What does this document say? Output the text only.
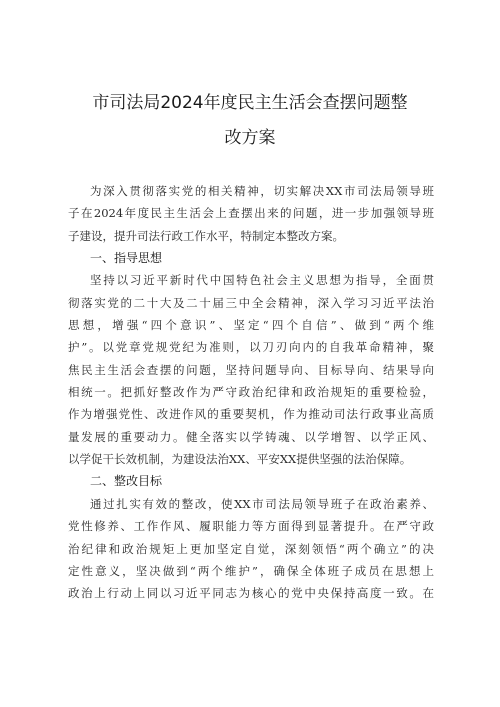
市司法局2024年度民主生活会查摆问题整
改方案
为深入贯彻落实党的相关精神，切实解决XX市司法局领导班
子在2024年度民主生活会上查摆出来的问题，进一步加强领导班
子建设，提升司法行政工作水平，特制定本整改方案。
一、指导思想
坚持以习近平新时代中国特色社会主义思想为指导，全面贯
彻落实党的二十大及二十届三中全会精神，深入学习习近平法治
思想，增强“四个意识”、坚定“四个自信”、做到“两个维
护”。以党章党规党纪为准则，以刀刃向内的自我革命精神，聚
焦民主生活会查摆的问题，坚持问题导向、目标导向、结果导向
相统一。把抓好整改作为严守政治纪律和政治规矩的重要检验，
作为增强党性、改进作风的重要契机，作为推动司法行政事业高质
量发展的重要动力。健全落实以学铸魂、以学增智、以学正风、
以学促干长效机制，为建设法治XX、平安XX提供坚强的法治保障。
二、整改目标
通过扎实有效的整改，使XX市司法局领导班子在政治素养、
党性修养、工作作风、履职能力等方面得到显著提升。在严守政
治纪律和政治规矩上更加坚定自觉，深刻领悟“两个确立”的决
定性意义，坚决做到“两个维护”，确保全体班子成员在思想上
政治上行动上同以习近平同志为核心的党中央保持高度一致。在
